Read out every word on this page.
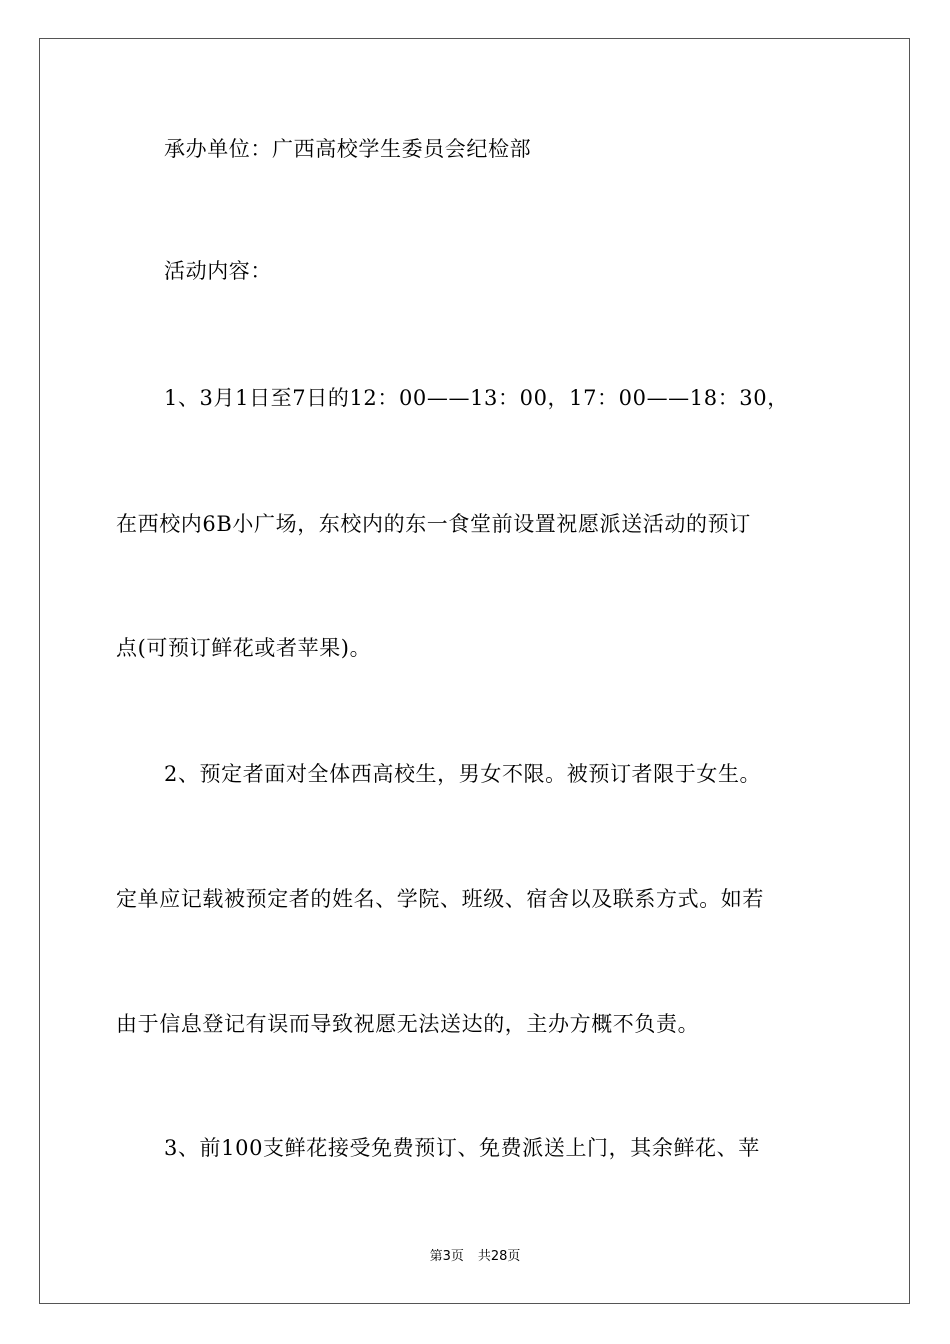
承办单位：广西高校学生委员会纪检部
活动内容：
1、3月1日至7日的12：00——13：00，17：00——18：30，
在西校内6B小广场，东校内的东一食堂前设置祝愿派送活动的预订
点(可预订鲜花或者苹果)。
2、预定者面对全体西高校生，男女不限。被预订者限于女生。
定单应记载被预定者的姓名、学院、班级、宿舍以及联系方式。如若
由于信息登记有误而导致祝愿无法送达的，主办方概不负责。
3、前100支鲜花接受免费预订、免费派送上门，其余鲜花、苹
第3页 共28页
